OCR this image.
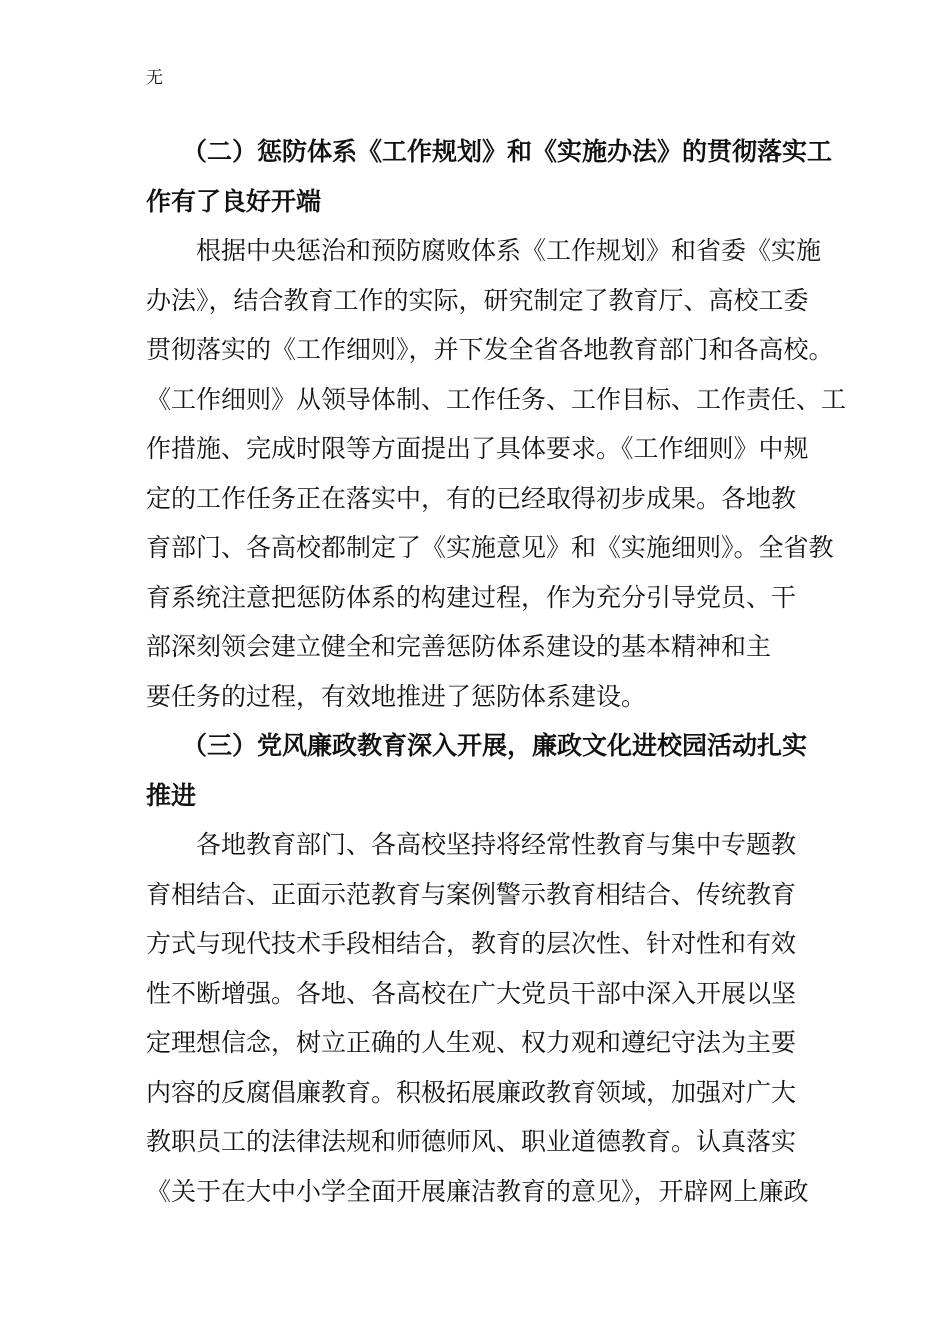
无
（二）惩防体系《工作规划》和《实施办法》的贯彻落实工
作有了良好开端
根据中央惩治和预防腐败体系《工作规划》和省委《实施
办法》，结合教育工作的实际，研究制定了教育厅、高校工委
贯彻落实的《工作细则》，并下发全省各地教育部门和各高校。
《工作细则》从领导体制、工作任务、工作目标、工作责任、工
作措施、完成时限等方面提出了具体要求。《工作细则》中规
定的工作任务正在落实中，有的已经取得初步成果。各地教
育部门、各高校都制定了《实施意见》和《实施细则》。全省教
育系统注意把惩防体系的构建过程，作为充分引导党员、干
部深刻领会建立健全和完善惩防体系建设的基本精神和主
要任务的过程，有效地推进了惩防体系建设。
（三）党风廉政教育深入开展，廉政文化进校园活动扎实
推进
各地教育部门、各高校坚持将经常性教育与集中专题教
育相结合、正面示范教育与案例警示教育相结合、传统教育
方式与现代技术手段相结合，教育的层次性、针对性和有效
性不断增强。各地、各高校在广大党员干部中深入开展以坚
定理想信念，树立正确的人生观、权力观和遵纪守法为主要
内容的反腐倡廉教育。积极拓展廉政教育领域，加强对广大
教职员工的法律法规和师德师风、职业道德教育。认真落实
《关于在大中小学全面开展廉洁教育的意见》，开辟网上廉政
